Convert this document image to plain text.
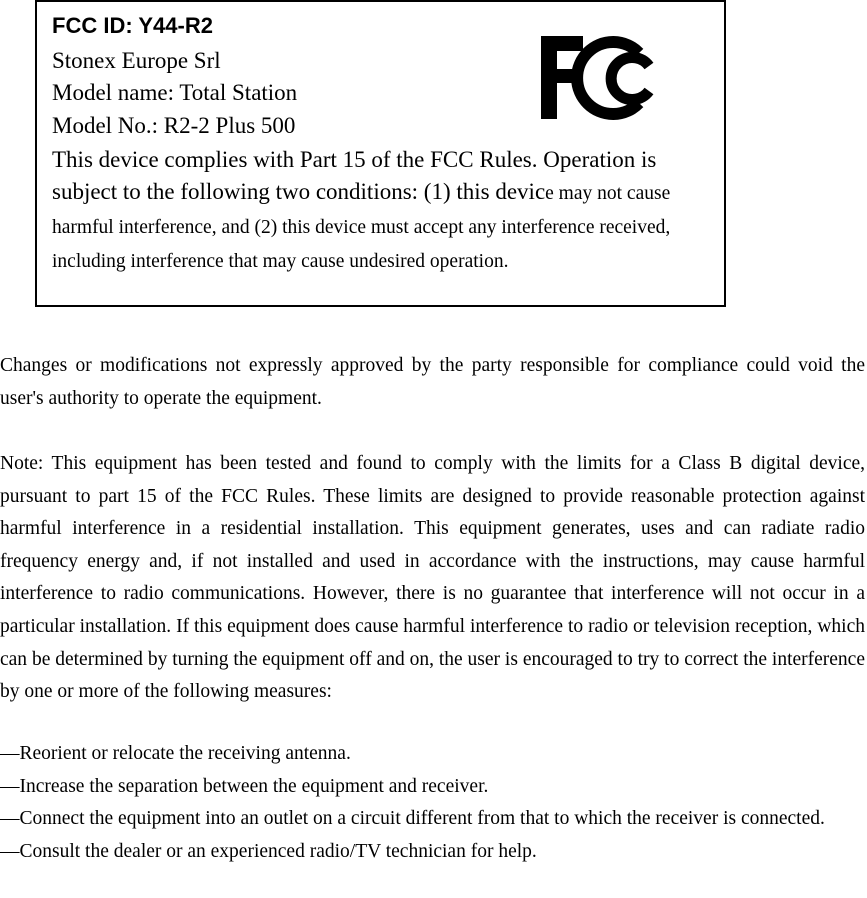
FCC ID: Y44-R2
Stonex Europe Srl
Model name: Total Station
Model No.: R2-2 Plus 500

This device complies with Part 15 of the FCC Rules. Operation is subject to the following two conditions: (1) this device may not cause harmful interference, and (2) this device must accept any interference received, including interference that may cause undesired operation.

Changes or modifications not expressly approved by the party responsible for compliance could void the user's authority to operate the equipment.

Note: This equipment has been tested and found to comply with the limits for a Class B digital device, pursuant to part 15 of the FCC Rules. These limits are designed to provide reasonable protection against harmful interference in a residential installation. This equipment generates, uses and can radiate radio frequency energy and, if not installed and used in accordance with the instructions, may cause harmful interference to radio communications. However, there is no guarantee that interference will not occur in a particular installation. If this equipment does cause harmful interference to radio or television reception, which can be determined by turning the equipment off and on, the user is encouraged to try to correct the interference by one or more of the following measures:

—Reorient or relocate the receiving antenna.
—Increase the separation between the equipment and receiver.
—Connect the equipment into an outlet on a circuit different from that to which the receiver is connected.
—Consult the dealer or an experienced radio/TV technician for help.
